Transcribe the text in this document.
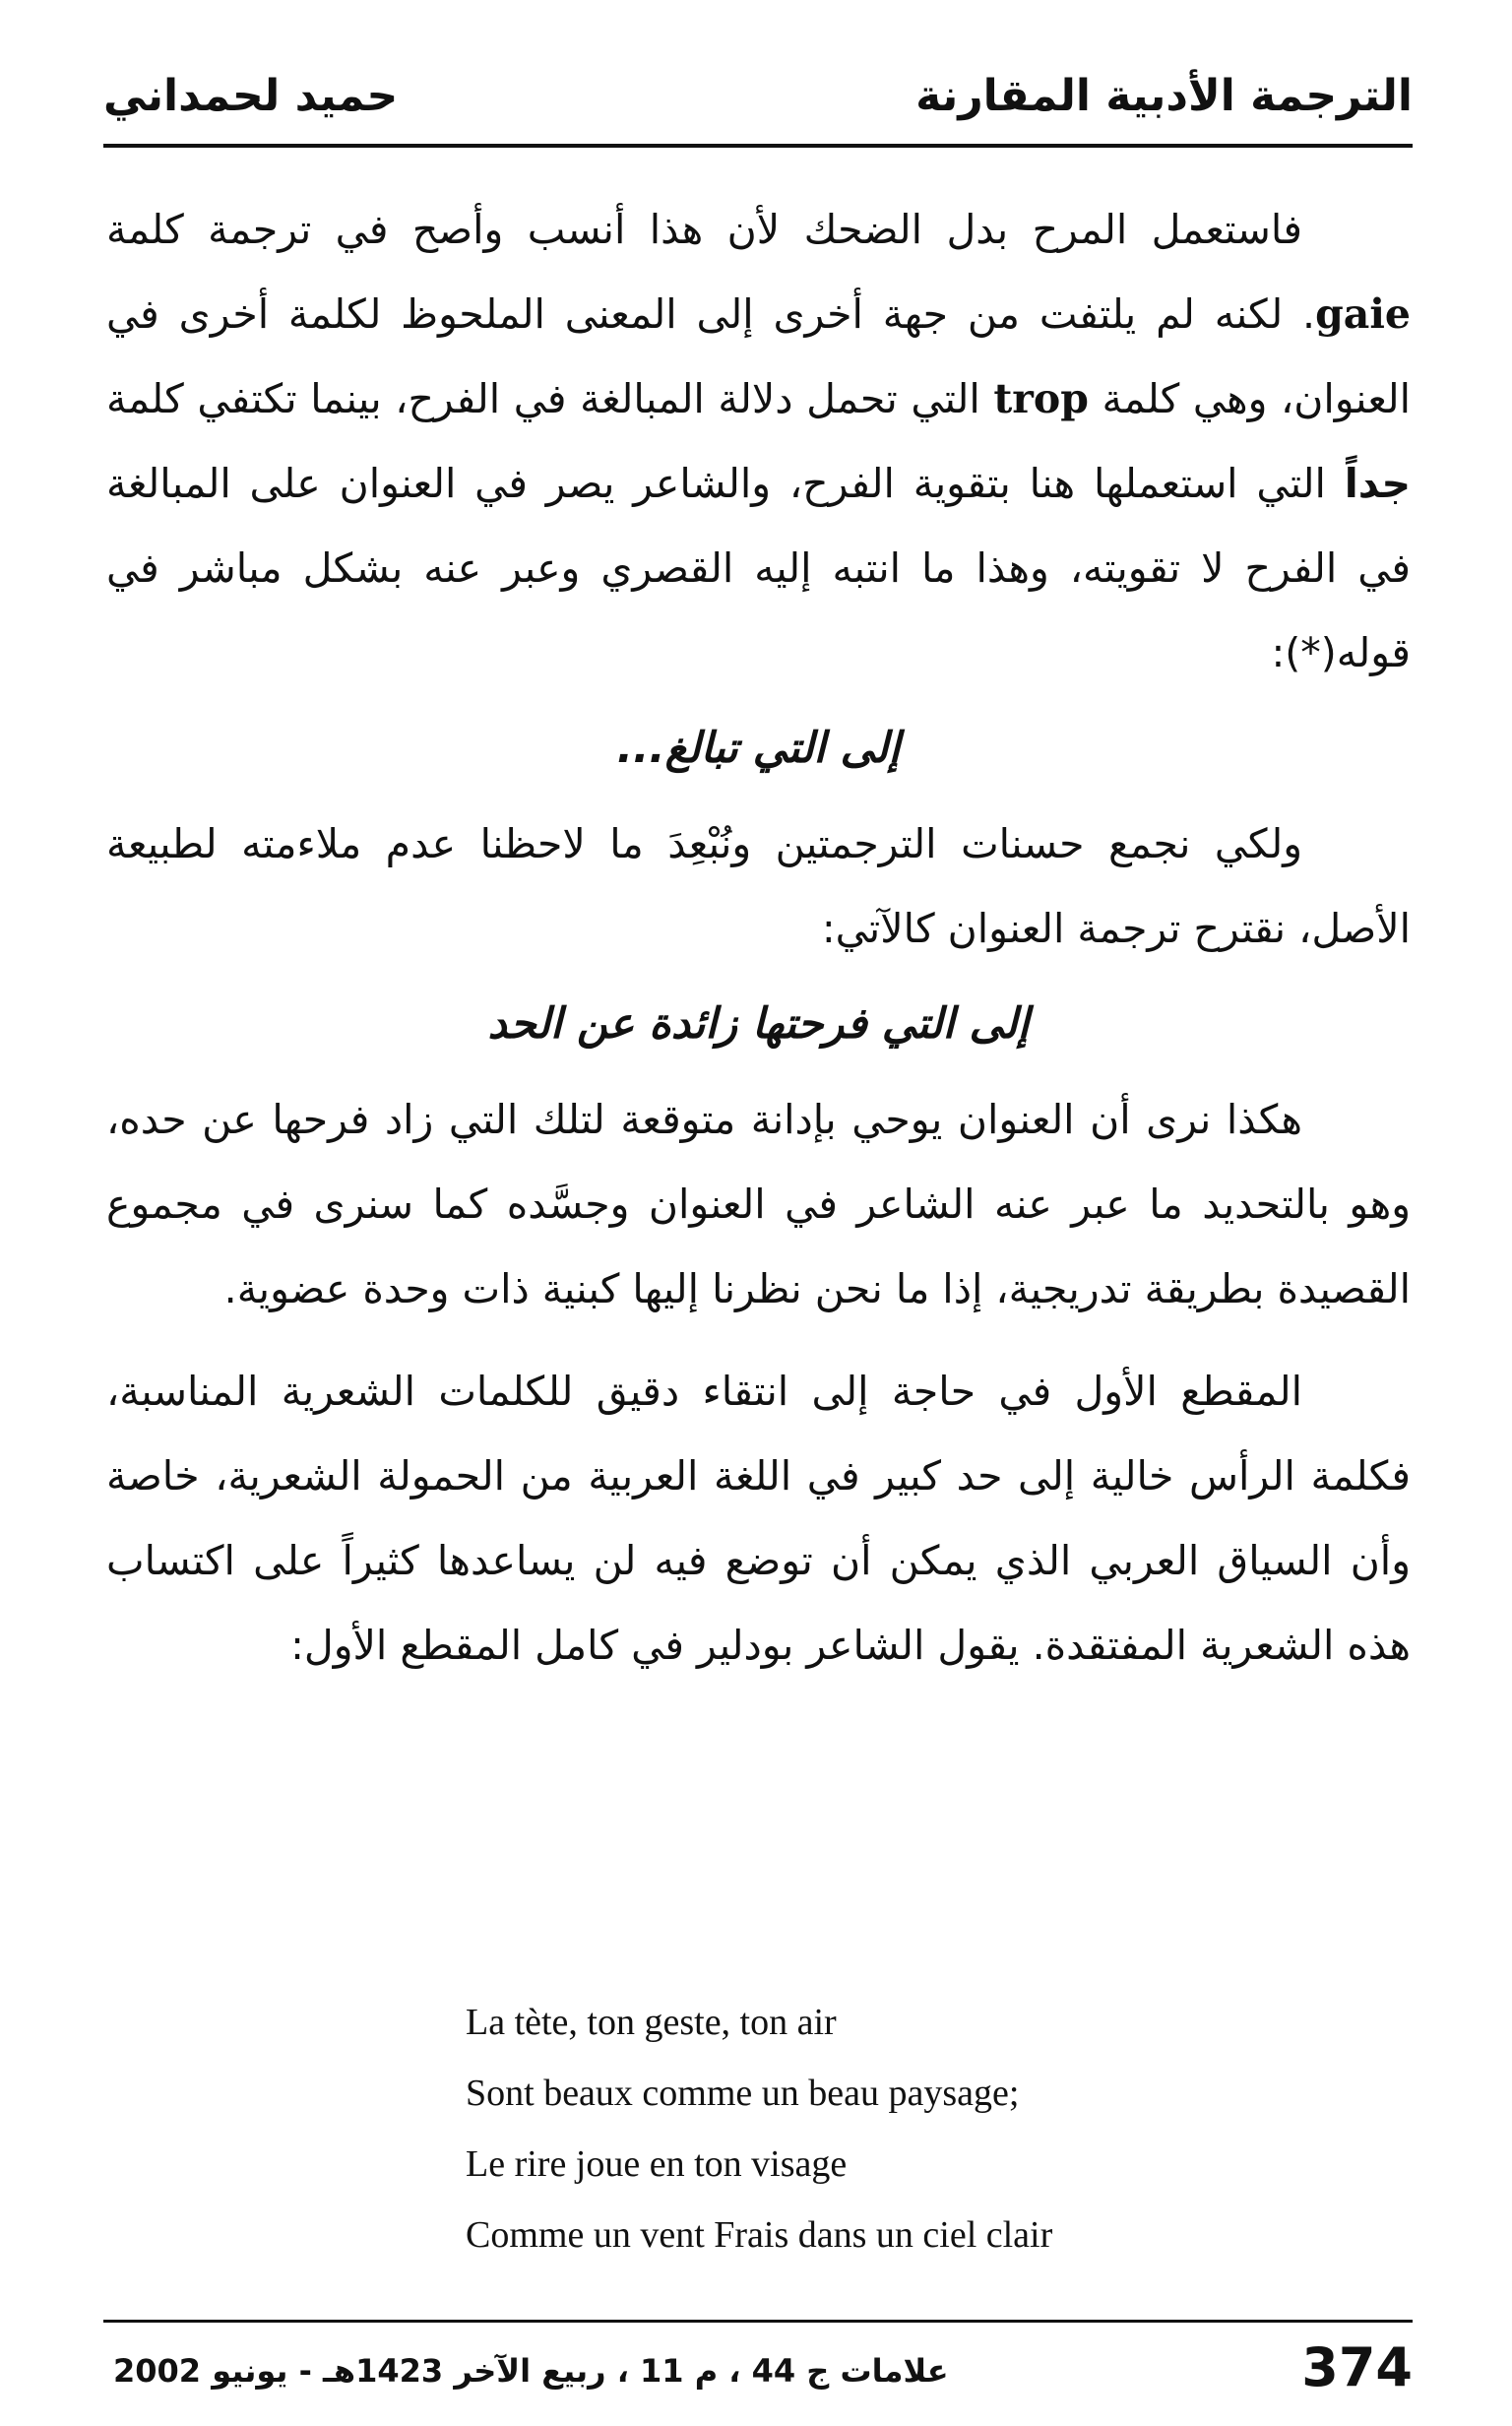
الترجمة الأدبية المقارنة
حميد لحمداني

فاستعمل المرح بدل الضحك لأن هذا أنسب وأصح في ترجمة كلمة gaie. لكنه لم يلتفت من جهة أخرى إلى المعنى الملحوظ لكلمة أخرى في العنوان، وهي كلمة trop التي تحمل دلالة المبالغة في الفرح، بينما تكتفي كلمة جداً التي استعملها هنا بتقوية الفرح، والشاعر يصر في العنوان على المبالغة في الفرح لا تقويته، وهذا ما انتبه إليه القصري وعبر عنه بشكل مباشر في قوله(*):

إلى التي تبالغ...

ولكي نجمع حسنات الترجمتين ونُبْعِدَ ما لاحظنا عدم ملاءمته لطبيعة الأصل، نقترح ترجمة العنوان كالآتي:

إلى التي فرحتها زائدة عن الحد

هكذا نرى أن العنوان يوحي بإدانة متوقعة لتلك التي زاد فرحها عن حده، وهو بالتحديد ما عبر عنه الشاعر في العنوان وجسَّده كما سنرى في مجموع القصيدة بطريقة تدريجية، إذا ما نحن نظرنا إليها كبنية ذات وحدة عضوية.

المقطع الأول في حاجة إلى انتقاء دقيق للكلمات الشعرية المناسبة، فكلمة الرأس خالية إلى حد كبير في اللغة العربية من الحمولة الشعرية، خاصة وأن السياق العربي الذي يمكن أن توضع فيه لن يساعدها كثيراً على اكتساب هذه الشعرية المفتقدة. يقول الشاعر بودلير في كامل المقطع الأول:

La tète, ton geste, ton air

Sont beaux comme un beau paysage;

Le rire joue en ton visage

Comme un vent Frais dans un ciel clair

374
علامات ج 44 ، م 11 ، ربيع الآخر 1423هـ - يونيو 2002
